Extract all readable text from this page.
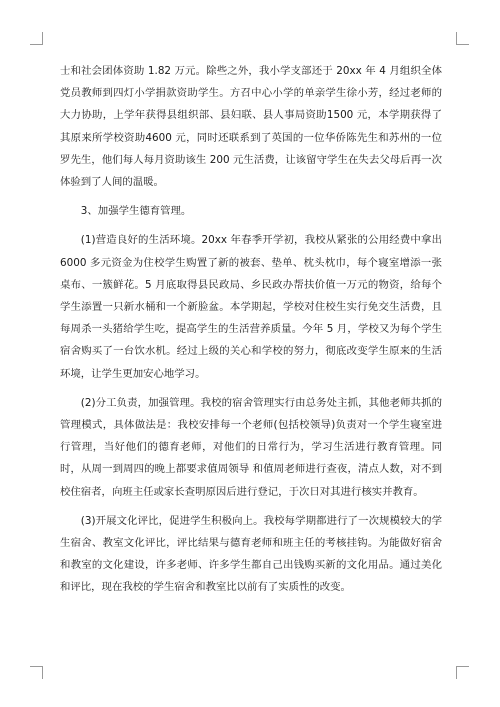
士和社会团体资助 1.82 万元。除些之外，我小学支部还于 20xx 年 4 月组织全体党员教师到四灯小学捐款资助学生。方召中心小学的单亲学生徐小芳，经过老师的大力协助，上学年获得县组织部、县妇联、县人事局资助1500 元，本学期获得了其原来所学校资助4600 元，同时还联系到了英国的一位华侨陈先生和苏州的一位罗先生，他们每人每月资助该生 200 元生活费，让该留守学生在失去父母后再一次体验到了人间的温暖。

3、加强学生德育管理。

(1)营造良好的生活环境。20xx 年春季开学初，我校从紧张的公用经费中拿出6000 多元资金为住校学生购置了新的被套、垫单、枕头枕巾，每个寝室增添一张桌布、一簇鲜花。5 月底取得县民政局、乡民政办帮扶价值一万元的物资，给每个学生添置一只新水桶和一个新脸盆。本学期起，学校对住校生实行免交生活费，且每周杀一头猪给学生吃，提高学生的生活营养质量。今年 5 月，学校又为每个学生宿舍购买了一台饮水机。经过上级的关心和学校的努力，彻底改变学生原来的生活环境，让学生更加安心地学习。

(2)分工负责，加强管理。我校的宿舍管理实行由总务处主抓，其他老师共抓的管理模式，具体做法是：我校安排每一个老师(包括校领导)负责对一个学生寝室进行管理，当好他们的德育老师，对他们的日常行为，学习生活进行教育管理。同时，从周一到周四的晚上都要求值周领导 和值周老师进行查夜，清点人数，对不到校住宿者，向班主任或家长查明原因后进行登记，于次日对其进行核实并教育。

(3)开展文化评比，促进学生积极向上。我校每学期都进行了一次规模较大的学生宿舍、教室文化评比，评比结果与德育老师和班主任的考核挂钩。为能做好宿舍和教室的文化建设，许多老师、许多学生都自己出钱购买新的文化用品。通过美化和评比，现在我校的学生宿舍和教室比以前有了实质性的改变。
